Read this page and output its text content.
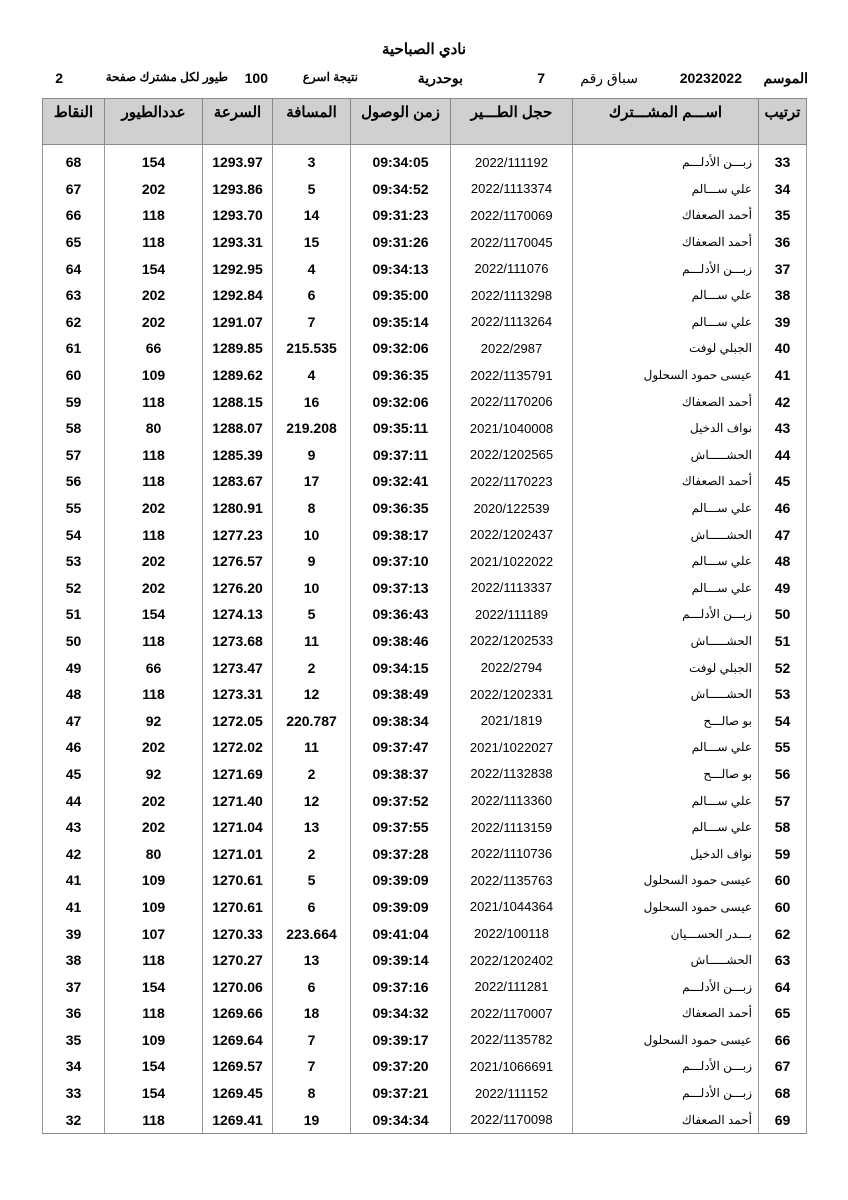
نادي الصباحية
الموسم
20232022
سباق رقم
7
بوحدرية
نتيجة اسرع
100
طيور لكل مشترك صفحة
2
ترتيب	اســـم المشـــترك	حجل الطـــير	زمن الوصول	المسافة	السرعة	عددالطيور	النقاط

33	زبـــن الأدلـــم	2022/111192	09:34:05	3	1293.97	154	68
34	علي ســـالم	2022/1113374	09:34:52	5	1293.86	202	67
35	أحمد الصعفاك	2022/1170069	09:31:23	14	1293.70	118	66
36	أحمد الصعفاك	2022/1170045	09:31:26	15	1293.31	118	65
37	زبـــن الأدلـــم	2022/111076	09:34:13	4	1292.95	154	64
38	علي ســـالم	2022/1113298	09:35:00	6	1292.84	202	63
39	علي ســـالم	2022/1113264	09:35:14	7	1291.07	202	62
40	الجبلي لوفت	2022/2987	09:32:06	215.535	1289.85	66	61
41	عيسى حمود السحلول	2022/1135791	09:36:35	4	1289.62	109	60
42	أحمد الصعفاك	2022/1170206	09:32:06	16	1288.15	118	59
43	نواف الدخيل	2021/1040008	09:35:11	219.208	1288.07	80	58
44	الحشـــــاش	2022/1202565	09:37:11	9	1285.39	118	57
45	أحمد الصعفاك	2022/1170223	09:32:41	17	1283.67	118	56
46	علي ســـالم	2020/122539	09:36:35	8	1280.91	202	55
47	الحشـــــاش	2022/1202437	09:38:17	10	1277.23	118	54
48	علي ســـالم	2021/1022022	09:37:10	9	1276.57	202	53
49	علي ســـالم	2022/1113337	09:37:13	10	1276.20	202	52
50	زبـــن الأدلـــم	2022/111189	09:36:43	5	1274.13	154	51
51	الحشـــــاش	2022/1202533	09:38:46	11	1273.68	118	50
52	الجبلي لوفت	2022/2794	09:34:15	2	1273.47	66	49
53	الحشـــــاش	2022/1202331	09:38:49	12	1273.31	118	48
54	بو صالـــح	2021/1819	09:38:34	220.787	1272.05	92	47
55	علي ســـالم	2021/1022027	09:37:47	11	1272.02	202	46
56	بو صالـــح	2022/1132838	09:38:37	2	1271.69	92	45
57	علي ســـالم	2022/1113360	09:37:52	12	1271.40	202	44
58	علي ســـالم	2022/1113159	09:37:55	13	1271.04	202	43
59	نواف الدخيل	2022/1110736	09:37:28	2	1271.01	80	42
60	عيسى حمود السحلول	2022/1135763	09:39:09	5	1270.61	109	41
60	عيسى حمود السحلول	2021/1044364	09:39:09	6	1270.61	109	41
62	بـــدر الحســـيان	2022/100118	09:41:04	223.664	1270.33	107	39
63	الحشـــــاش	2022/1202402	09:39:14	13	1270.27	118	38
64	زبـــن الأدلـــم	2022/111281	09:37:16	6	1270.06	154	37
65	أحمد الصعفاك	2022/1170007	09:34:32	18	1269.66	118	36
66	عيسى حمود السحلول	2022/1135782	09:39:17	7	1269.64	109	35
67	زبـــن الأدلـــم	2021/1066691	09:37:20	7	1269.57	154	34
68	زبـــن الأدلـــم	2022/111152	09:37:21	8	1269.45	154	33
69	أحمد الصعفاك	2022/1170098	09:34:34	19	1269.41	118	32
